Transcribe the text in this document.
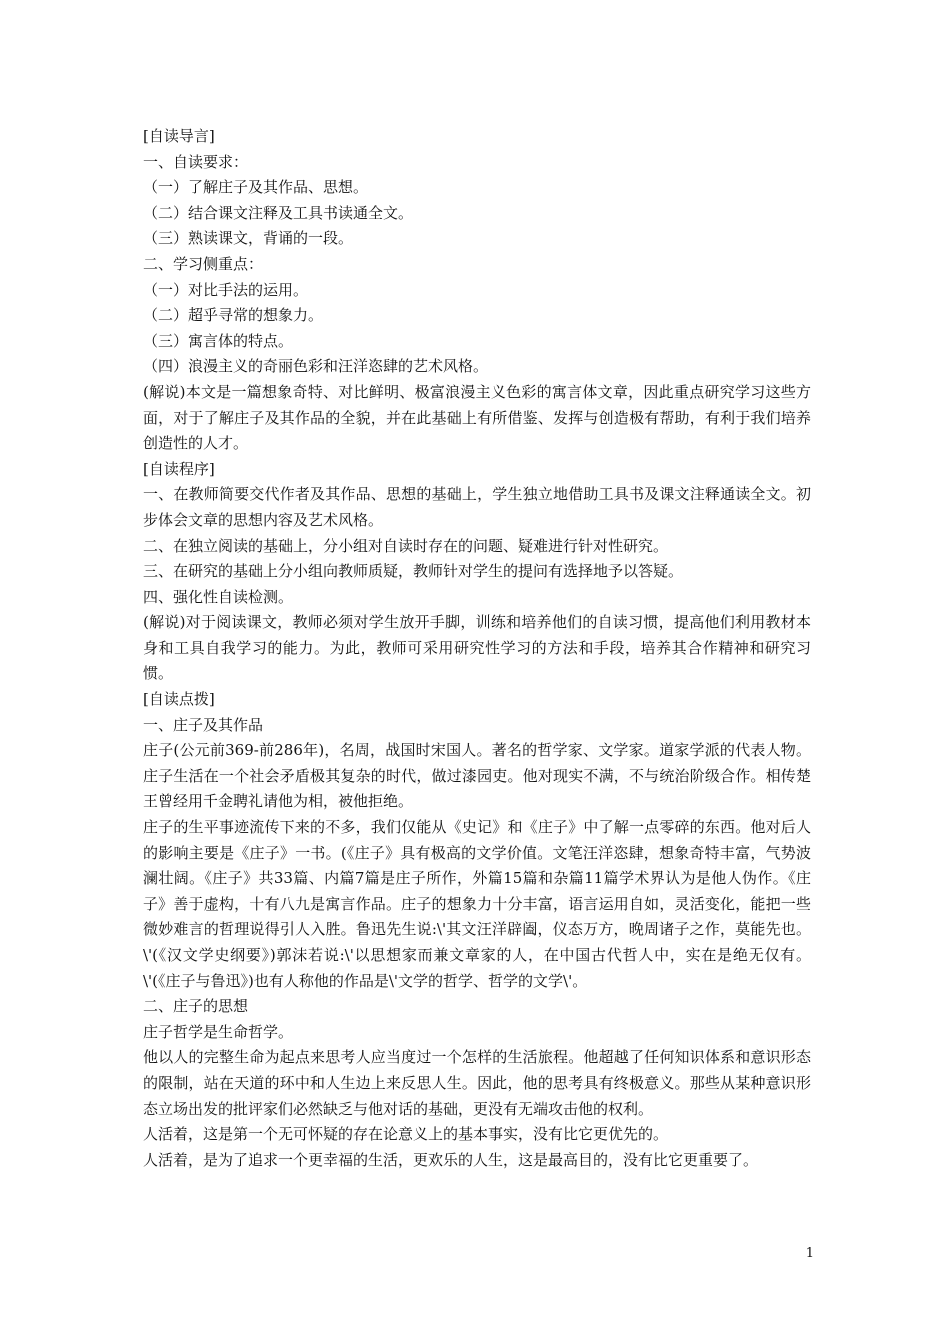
[自读导言]
一、自读要求：
（一）了解庄子及其作品、思想。
（二）结合课文注释及工具书读通全文。
（三）熟读课文，背诵的一段。
二、学习侧重点：
（一）对比手法的运用。
（二）超乎寻常的想象力。
（三）寓言体的特点。
（四）浪漫主义的奇丽色彩和汪洋恣肆的艺术风格。
(解说)本文是一篇想象奇特、对比鲜明、极富浪漫主义色彩的寓言体文章，因此重点研究学习这些方面，对于了解庄子及其作品的全貌，并在此基础上有所借鉴、发挥与创造极有帮助，有利于我们培养创造性的人才。
[自读程序]
一、在教师简要交代作者及其作品、思想的基础上，学生独立地借助工具书及课文注释通读全文。初步体会文章的思想内容及艺术风格。
二、在独立阅读的基础上，分小组对自读时存在的问题、疑难进行针对性研究。
三、在研究的基础上分小组向教师质疑，教师针对学生的提问有选择地予以答疑。
四、强化性自读检测。
(解说)对于阅读课文，教师必须对学生放开手脚，训练和培养他们的自读习惯，提高他们利用教材本身和工具自我学习的能力。为此，教师可采用研究性学习的方法和手段，培养其合作精神和研究习惯。
[自读点拨]
一、庄子及其作品
庄子(公元前369-前286年)，名周，战国时宋国人。著名的哲学家、文学家。道家学派的代表人物。庄子生活在一个社会矛盾极其复杂的时代，做过漆园吏。他对现实不满，不与统治阶级合作。相传楚王曾经用千金聘礼请他为相，被他拒绝。
庄子的生平事迹流传下来的不多，我们仅能从《史记》和《庄子》中了解一点零碎的东西。他对后人的影响主要是《庄子》一书。(《庄子》具有极高的文学价值。文笔汪洋恣肆，想象奇特丰富，气势波澜壮阔。《庄子》共33篇、内篇7篇是庄子所作，外篇15篇和杂篇11篇学术界认为是他人伪作。《庄子》善于虚构，十有八九是寓言作品。庄子的想象力十分丰富，语言运用自如，灵活变化，能把一些微妙难言的哲理说得引人入胜。鲁迅先生说:\'其文汪洋辟阖，仪态万方，晚周诸子之作，莫能先也。\'(《汉文学史纲要》)郭沫若说:\'以思想家而兼文章家的人，在中国古代哲人中，实在是绝无仅有。\'(《庄子与鲁迅》)也有人称他的作品是\'文学的哲学、哲学的文学\'。
二、庄子的思想
庄子哲学是生命哲学。
他以人的完整生命为起点来思考人应当度过一个怎样的生活旅程。他超越了任何知识体系和意识形态的限制，站在天道的环中和人生边上来反思人生。因此，他的思考具有终极意义。那些从某种意识形态立场出发的批评家们必然缺乏与他对话的基础，更没有无端攻击他的权利。
人活着，这是第一个无可怀疑的存在论意义上的基本事实，没有比它更优先的。
人活着，是为了追求一个更幸福的生活，更欢乐的人生，这是最高目的，没有比它更重要了。
1
